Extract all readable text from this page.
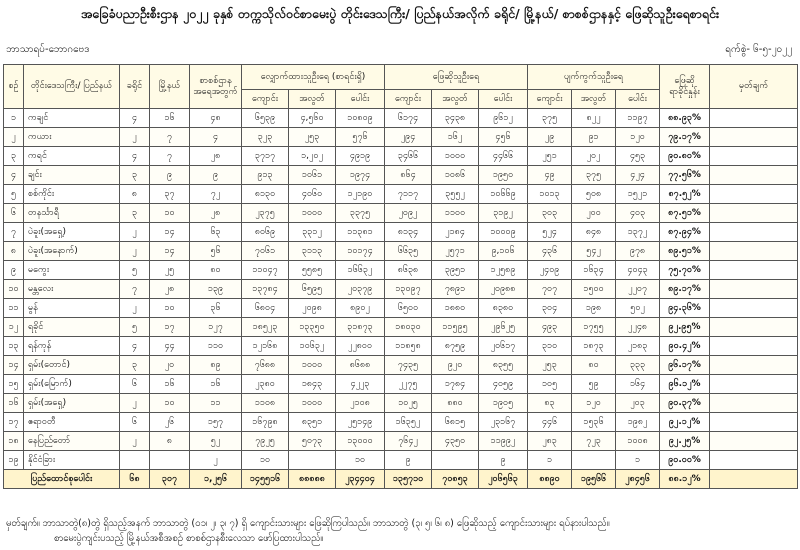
အခြေခံပညာဦးစီးဌာန ၂၀၂၂ ခုနှစ် တက္ကသိုလ်ဝင်စာမေးပွဲ တိုင်းဒေသကြီး/ ပြည်နယ်အလိုက် ခရိုင်/ မြို့နယ်/ စာစစ်ဌာနနှင့် ဖြေဆိုသူဦးရေစာရင်း
ဘာသာရပ်-ဘောဂဗေဒ	ရက်စွဲ- ၆-၅-၂၀၂၂
စဉ်	တိုင်းဒေသကြီး/ ပြည်နယ်	ခရိုင်	မြို့နယ်	စာစစ်ဌာန အရေအတွက်	လျှောက်ထားသူဦးရေ (စာရင်းရှိ)			ဖြေဆိုသူဦးရေ			ပျက်ကွက်သူဦးရေ			ဖြေဆို ရာခိုင်နှုန်း	မှတ်ချက်
					ကျောင်း	အလွတ်	ပေါင်း	ကျောင်း	အလွတ်	ပေါင်း	ကျောင်း	အလွတ်	ပေါင်း		
၁	ကချင်	၄	၁၆	၄၈	၆၅၃၉	၄,၅၆၀	၁၀၈၀၉	၆၁၇၄	၃၄၃၈	၉၆၁၂	၃၇၅	၈၂၂	၁၁၉၇	၈၈.၉၃%	
၂	ကယား	၂	၇	၄	၃၂၃	၂၅၃	၅၇၆	၂၉၄	၁၆၂	၄၅၆	၂၉	၉၁	၁၂၀	၇၉.၁၇%	
၃	ကရင်	၄	၇	၂၈	၃၇၁၇	၁,၂၀၂	၄၉၁၉	၃၄၆၆	၁၀၀၀	၄၄၆၆	၂၅၁	၂၀၂	၄၅၃	၉၀.၈၀%	
၄	ချင်း	၃	၉	၉	၉၁၃	၁၀၆၁	၁၉၇၄	၈၆၄	၁၀၈၆	၁၉၅၀	၄၉	၃၇၅	၄၂၄	၇၇.၅၆%	
၅	စစ်ကိုင်း	၈	၃၇	၇၂	၈၁၃၀	၄၀၆၀	၁၂၁၉၀	၇၁၁၇	၃၅၅၂	၁၀၆၆၉	၁၀၁၃	၅၀၈	၁၅၂၁	၈၇.၅၂%	
၆	တနင်္သာရီ	၃	၁၀	၂၈	၂၃၇၅	၁၀၀၀	၃၃၇၅	၂၀၉၂	၁၁၀၀	၃၁၉၂	၃၀၃	၂၀၀	၄၀၃	၈၇.၅၁%	
၇	ပဲခူး(အရှေ့)	၂	၁၄	၆၃	၈၀၆၉	၃၃၁၂	၁၁၃၈၁	၈၁၃၄	၂၁၈၄	၁၀၀၀၉	၅၂၄	၈၄၈	၁၃၇၂	၈၇.၉၄%	
၈	ပဲခူး(အနောက်)	၂	၁၄	၅၆	၇၀၆၁	၃၁၁၃	၁၀၁၇၄	၆၆၃၅	၂၅၇၁	၉,၁၀၆	၄၃၆	၅၄၂	၉၇၈	၈၉.၅၁%	
၉	မကွေး	၅	၂၅	၈၀	၁၁၀၄၇	၅၅၈၅	၁၆၆၃၂	၈၆၃၈	၃၉၅၁	၁၂၅၈၉	၂၄၀၉	၁၆၃၄	၄၀၄၃	၇၅.၇၀%	
၁၀	မန္တလေး	၇	၂၈	၁၃၉	၁၃၇၈၄	၆၅၉၅	၂၀၃၇၉	၁၃၀၉၇	၇၈၉၁	၂၀၉၈၈	၇၀၇	၁၅၀၀	၂၂၀၇	၈၉.၁၇%	
၁၁	မွန်	၂	၁၀	၃၆	၆၈၀၄	၂၀၉၈	၈၉၀၂	၆၅၀၀	၁၈၈၀	၈၃၈၀	၃၀၄	၁၉၈	၅၀၂	၉၄.၃၆%	
၁၂	ရခိုင်	၅	၁၇	၁၂၇	၁၈၅၂၃	၁၃၃၅၀	၃၁၈၇၃	၁၈၀၃၀	၁၁၅၉၅	၂၉၆၂၅	၄၉၃	၁၇၅၅	၂၂၄၈	၉၂.၉၅%	
၁၃	ရန်ကုန်	၄	၄၄	၁၁၀	၁၂၁၆၈	၁၀၆၃၂	၂၂၈၀၀	၁၁၈၅၈	၈၇၅၉	၂၀၆၁၇	၃၁၀	၁၈၇၃	၂၁၈၃	၉၀.၄၂%	
၁၄	ရှမ်း(တောင်)	၃	၂၀	၈၉	၇၆၈၈	၁၀၀၀	၈၆၈၈	၇၄၃၅	၉၂၀	၈၃၅၅	၂၅၃	၈၀	၃၃၃	၉၆.၁၇%	
၁၅	ရှမ်း(မြောက်)	၆	၁၆	၁၆	၂၃၈၀	၁၈၄၃	၄၂၂၃	၂၂၇၅	၁၇၈၄	၄၀၅၉	၁၀၅	၅၉	၁၆၄	၉၆.၁၂%	
၁၆	ရှမ်း(အရှေ့)	၂	၁၀	၁၁	၁၁၀၈	၁၀၀၀	၂၁၀၈	၁၀၂၅	၈၈၀	၁၉၀၅	၈၃	၁၂၀	၂၀၃	၉၀.၃၇%	
၁၇	ဧရာဝတီ	၆	၂၆	၁၅၇	၁၆၇၉၈	၈၃၅၁	၂၅၁၄၉	၁၆၃၅၂	၆၈၁၅	၂၃၁၆၇	၄၄၆	၁၅၃၆	၁၉၈၂	၉၂.၁၂%	
၁၈	နေပြည်တော်	၂	၈	၅၂	၇၉၂၅	၅၀၇၃	၁၃၀၀၀	၇၆၄၂	၄၃၅၀	၁၁၉၉၂	၂၈၃	၇၂၃	၁၀၀၈	၉၂.၂၅%	
၁၉	နိုင်ငံခြား			၂	၁၀		၁၀	၉		၉	၁		၁	၉၀.၀၀%	
ပြည်ထောင်စုပေါင်း		၆၈	၃၀၇	၁,၂၅၆	၁၄၅၅၁၆	၈၈၈၈၈	၂၃၄၄၀၄	၁၃၅၇၁၀	၇၀၈၅၃	၂၀၆၅၆၃	၈၈၉၀	၁၉၅၆၆	၂၈၄၅၆	၈၈.၁၂%	
မှတ်ချက်။ ဘာသာတွဲ(၈)တွဲ ရှိသည့်အနက် ဘာသာတွဲ (၀၁၊ ၂၊ ၃၊ ၇) ရှိ ကျောင်းသားများ ဖြေဆိုကြပါသည်။ ဘာသာတွဲ (၃၊ ၅၊ ၆၊ ၈) ဖြေဆိုသည့် ကျောင်းသားများ ရပ်နားပါသည်။
စာမေးပွဲကျင်းပသည့် မြို့နယ်အစီအစဉ် စာစစ်ဌာနစီးလေသာ ဖော်ပြထားပါသည်။
